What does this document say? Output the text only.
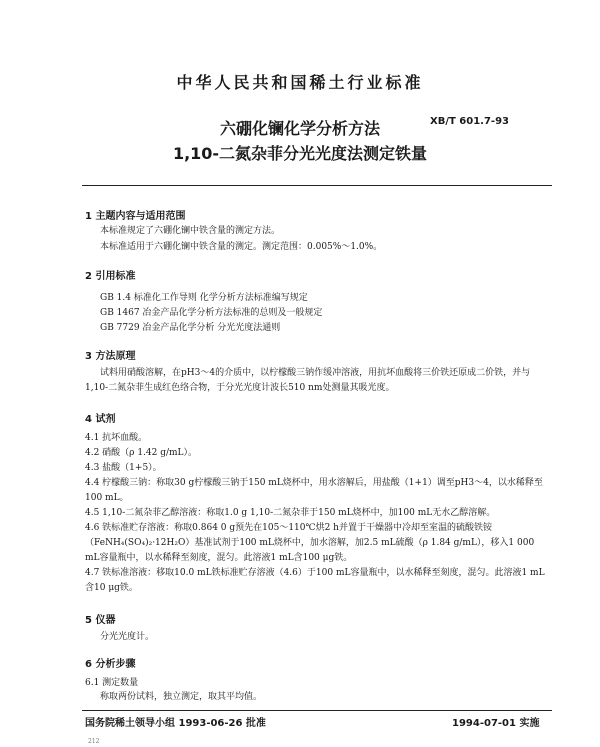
中华人民共和国稀土行业标准
XB/T 601.7-93
六硼化镧化学分析方法
1,10-二氮杂菲分光光度法测定铁量
1 主题内容与适用范围
本标准规定了六硼化镧中铁含量的测定方法。
本标准适用于六硼化镧中铁含量的测定。测定范围：0.005%～1.0%。
2 引用标准
GB 1.4 标准化工作导则 化学分析方法标准编写规定
GB 1467 冶金产品化学分析方法标准的总则及一般规定
GB 7729 冶金产品化学分析 分光光度法通则
3 方法原理
试料用硝酸溶解，在pH3～4的介质中，以柠檬酸三钠作缓冲溶液，用抗坏血酸将三价铁还原成二价铁，并与1,10-二氮杂菲生成红色络合物，于分光光度计波长510 nm处测量其吸光度。
4 试剂
4.1 抗坏血酸。
4.2 硝酸（ρ 1.42 g/mL）。
4.3 盐酸（1+5）。
4.4 柠檬酸三钠：称取30 g柠檬酸三钠于150 mL烧杯中，用水溶解后，用盐酸（1+1）调至pH3～4，以水稀释至100 mL。
4.5 1,10-二氮杂菲乙醇溶液：称取1.0 g 1,10-二氮杂菲于150 mL烧杯中，加100 mL无水乙醇溶解。
4.6 铁标准贮存溶液：称取0.864 0 g预先在105～110℃烘2 h并置于干燥器中冷却至室温的硫酸铁铵（FeNH₄(SO₄)₂·12H₂O）基准试剂于100 mL烧杯中，加水溶解，加2.5 mL硫酸（ρ 1.84 g/mL），移入1 000 mL容量瓶中，以水稀释至刻度，混匀。此溶液1 mL含100 μg铁。
4.7 铁标准溶液：移取10.0 mL铁标准贮存溶液（4.6）于100 mL容量瓶中，以水稀释至刻度，混匀。此溶液1 mL含10 μg铁。
5 仪器
分光光度计。
6 分析步骤
6.1 测定数量
称取两份试料，独立测定，取其平均值。
国务院稀土领导小组 1993-06-26 批准	1994-07-01 实施
212
